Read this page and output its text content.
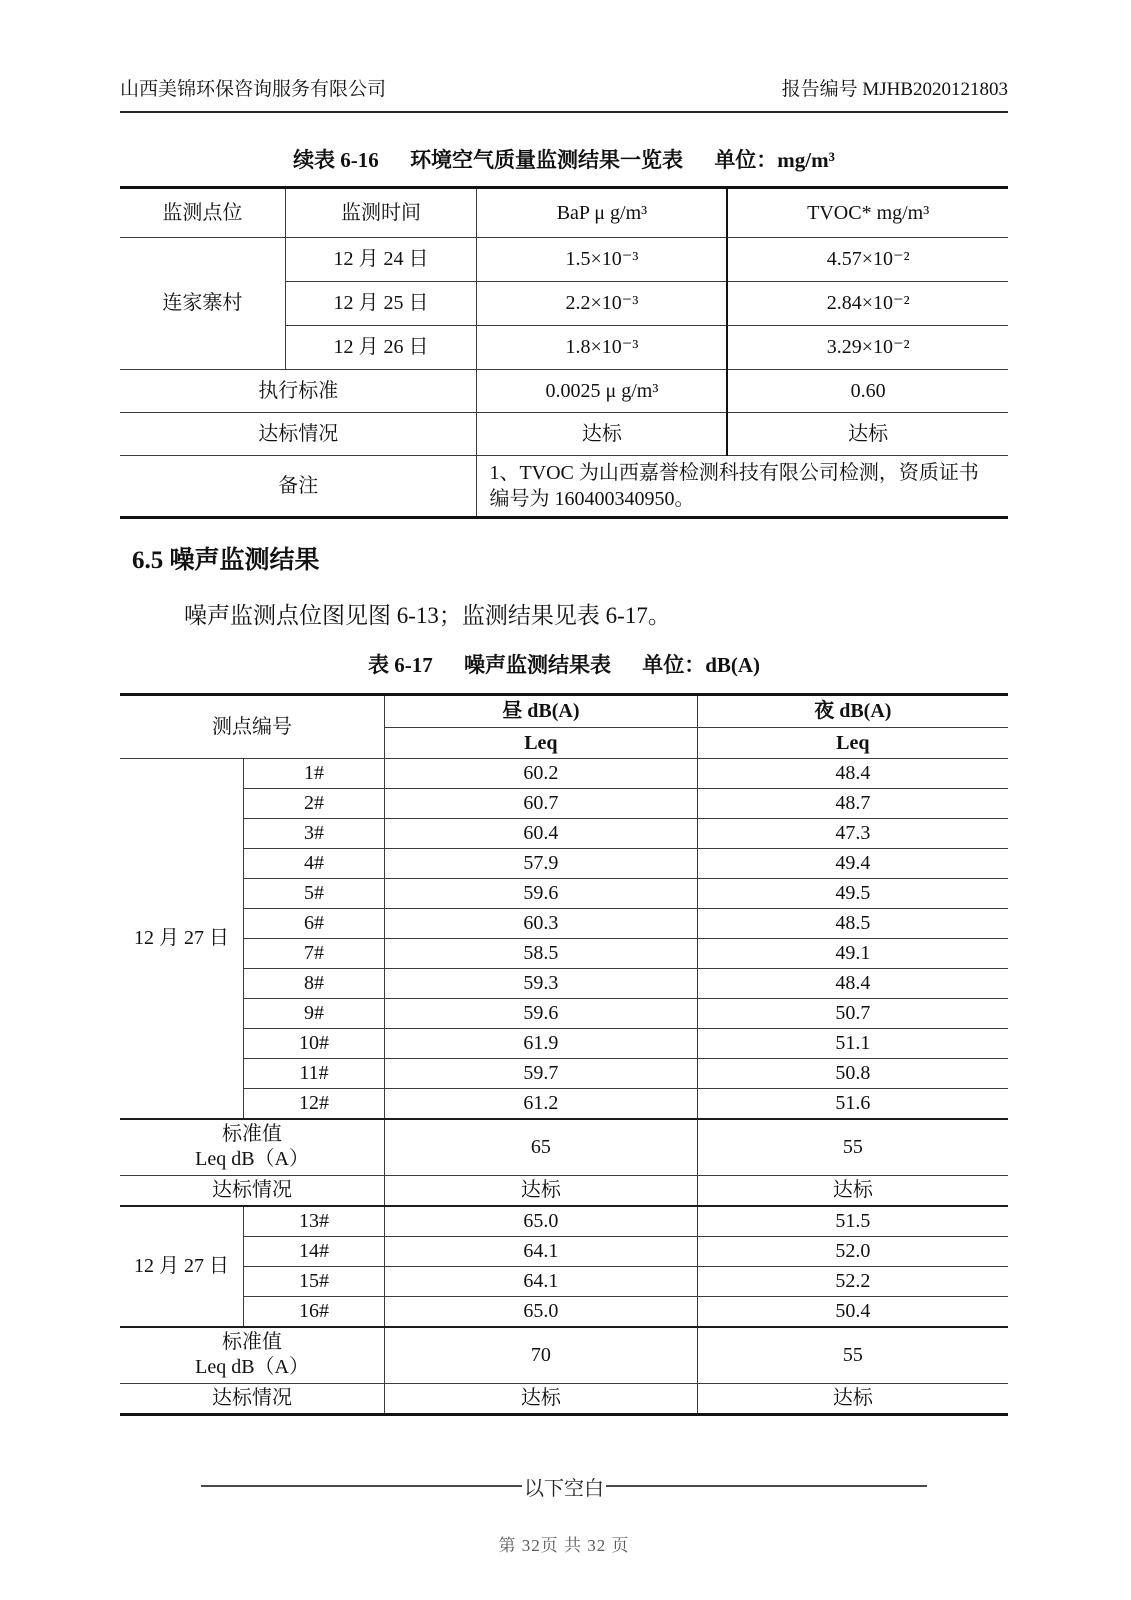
山西美锦环保咨询服务有限公司	报告编号 MJHB2020121803
续表 6-16 环境空气质量监测结果一览表 单位：mg/m³
监测点位	监测时间	BaP μ g/m³	TVOC* mg/m³
连家寨村	12 月 24 日	1.5×10⁻³	4.57×10⁻²
	12 月 25 日	2.2×10⁻³	2.84×10⁻²
	12 月 26 日	1.8×10⁻³	3.29×10⁻²
执行标准		0.0025 μ g/m³	0.60
达标情况		达标	达标
备注		1、TVOC 为山西嘉誉检测科技有限公司检测，资质证书编号为 160400340950。	
6.5 噪声监测结果
噪声监测点位图见图 6-13；监测结果见表 6-17。
表 6-17 噪声监测结果表 单位：dB(A)
测点编号		昼 dB(A)	夜 dB(A)
		Leq	Leq
12 月 27 日	1#	60.2	48.4
	2#	60.7	48.7
	3#	60.4	47.3
	4#	57.9	49.4
	5#	59.6	49.5
	6#	60.3	48.5
	7#	58.5	49.1
	8#	59.3	48.4
	9#	59.6	50.7
	10#	61.9	51.1
	11#	59.7	50.8
	12#	61.2	51.6

标准值
Leq dB（A）		65	55
达标情况		达标	达标
12 月 27 日	13#	65.0	51.5
	14#	64.1	52.0
	15#	64.1	52.2
	16#	65.0	50.4

标准值
Leq dB（A）		70	55
达标情况		达标	达标
以下空白
第 32页 共 32 页
